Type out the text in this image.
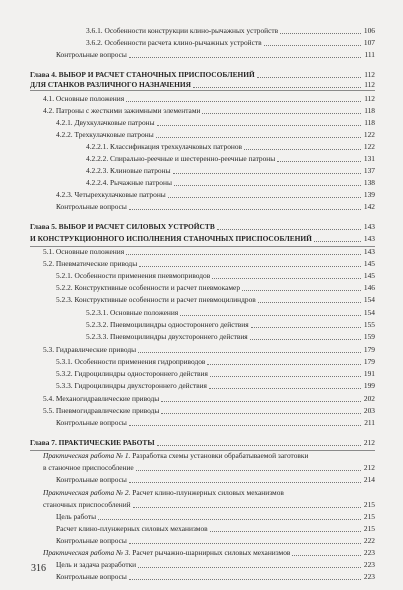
3.6.1. Особенности конструкции клино-рычажных устройств	106
3.6.2. Особенности расчета клино-рычажных устройств	107
Контрольные вопросы	111
Глава 4. ВЫБОР И РАСЧЕТ СТАНОЧНЫХ ПРИСПОСОБЛЕНИЙ	112
ДЛЯ СТАНКОВ РАЗЛИЧНОГО НАЗНАЧЕНИЯ	112
4.1. Основные положения	112
4.2. Патроны с жесткими зажимными элементами	118
4.2.1. Двухкулачковые патроны	118
4.2.2. Трехкулачковые патроны	122
4.2.2.1. Классификация трехкулачковых патронов	122
4.2.2.2. Спирально-реечные и шестеренно-реечные патроны	131
4.2.2.3. Клиновые патроны	137
4.2.2.4. Рычажные патроны	138
4.2.3. Четырехкулачковые патроны	139
Контрольные вопросы	142
Глава 5. ВЫБОР И РАСЧЕТ СИЛОВЫХ УСТРОЙСТВ	143
И КОНСТРУКЦИОННОГО ИСПОЛНЕНИЯ СТАНОЧНЫХ ПРИСПОСОБЛЕНИЙ	143
5.1. Основные положения	143
5.2. Пневматические приводы	145
5.2.1. Особенности применения пневмоприводов	145
5.2.2. Конструктивные особенности и расчет пневмокамер	146
5.2.3. Конструктивные особенности и расчет пневмоцилиндров	154
5.2.3.1. Основные положения	154
5.2.3.2. Пневмоцилиндры одностороннего действия	155
5.2.3.3. Пневмоцилиндры двухстороннего действия	159
5.3. Гидравлические приводы	179
5.3.1. Особенности применения гидроприводов	179
5.3.2. Гидроцилиндры одностороннего действия	191
5.3.3. Гидроцилиндры двухстороннего действия	199
5.4. Механогидравлические приводы	202
5.5. Пневмогидравлические приводы	203
Контрольные вопросы	211
Глава 7. ПРАКТИЧЕСКИЕ РАБОТЫ	212
Практическая работа № 1. Разработка схемы установки обрабатываемой заготовки
в станочное приспособление	212
Контрольные вопросы	214
Практическая работа № 2. Расчет клино-плунжерных силовых механизмов
станочных приспособлений	215
Цель работы	215
Расчет клино-плунжерных силовых механизмов	215
Контрольные вопросы	222
Практическая работа № 3. Расчет рычажно-шарнирных силовых механизмов	223
Цель и задача разработки	223
Контрольные вопросы	223
316
